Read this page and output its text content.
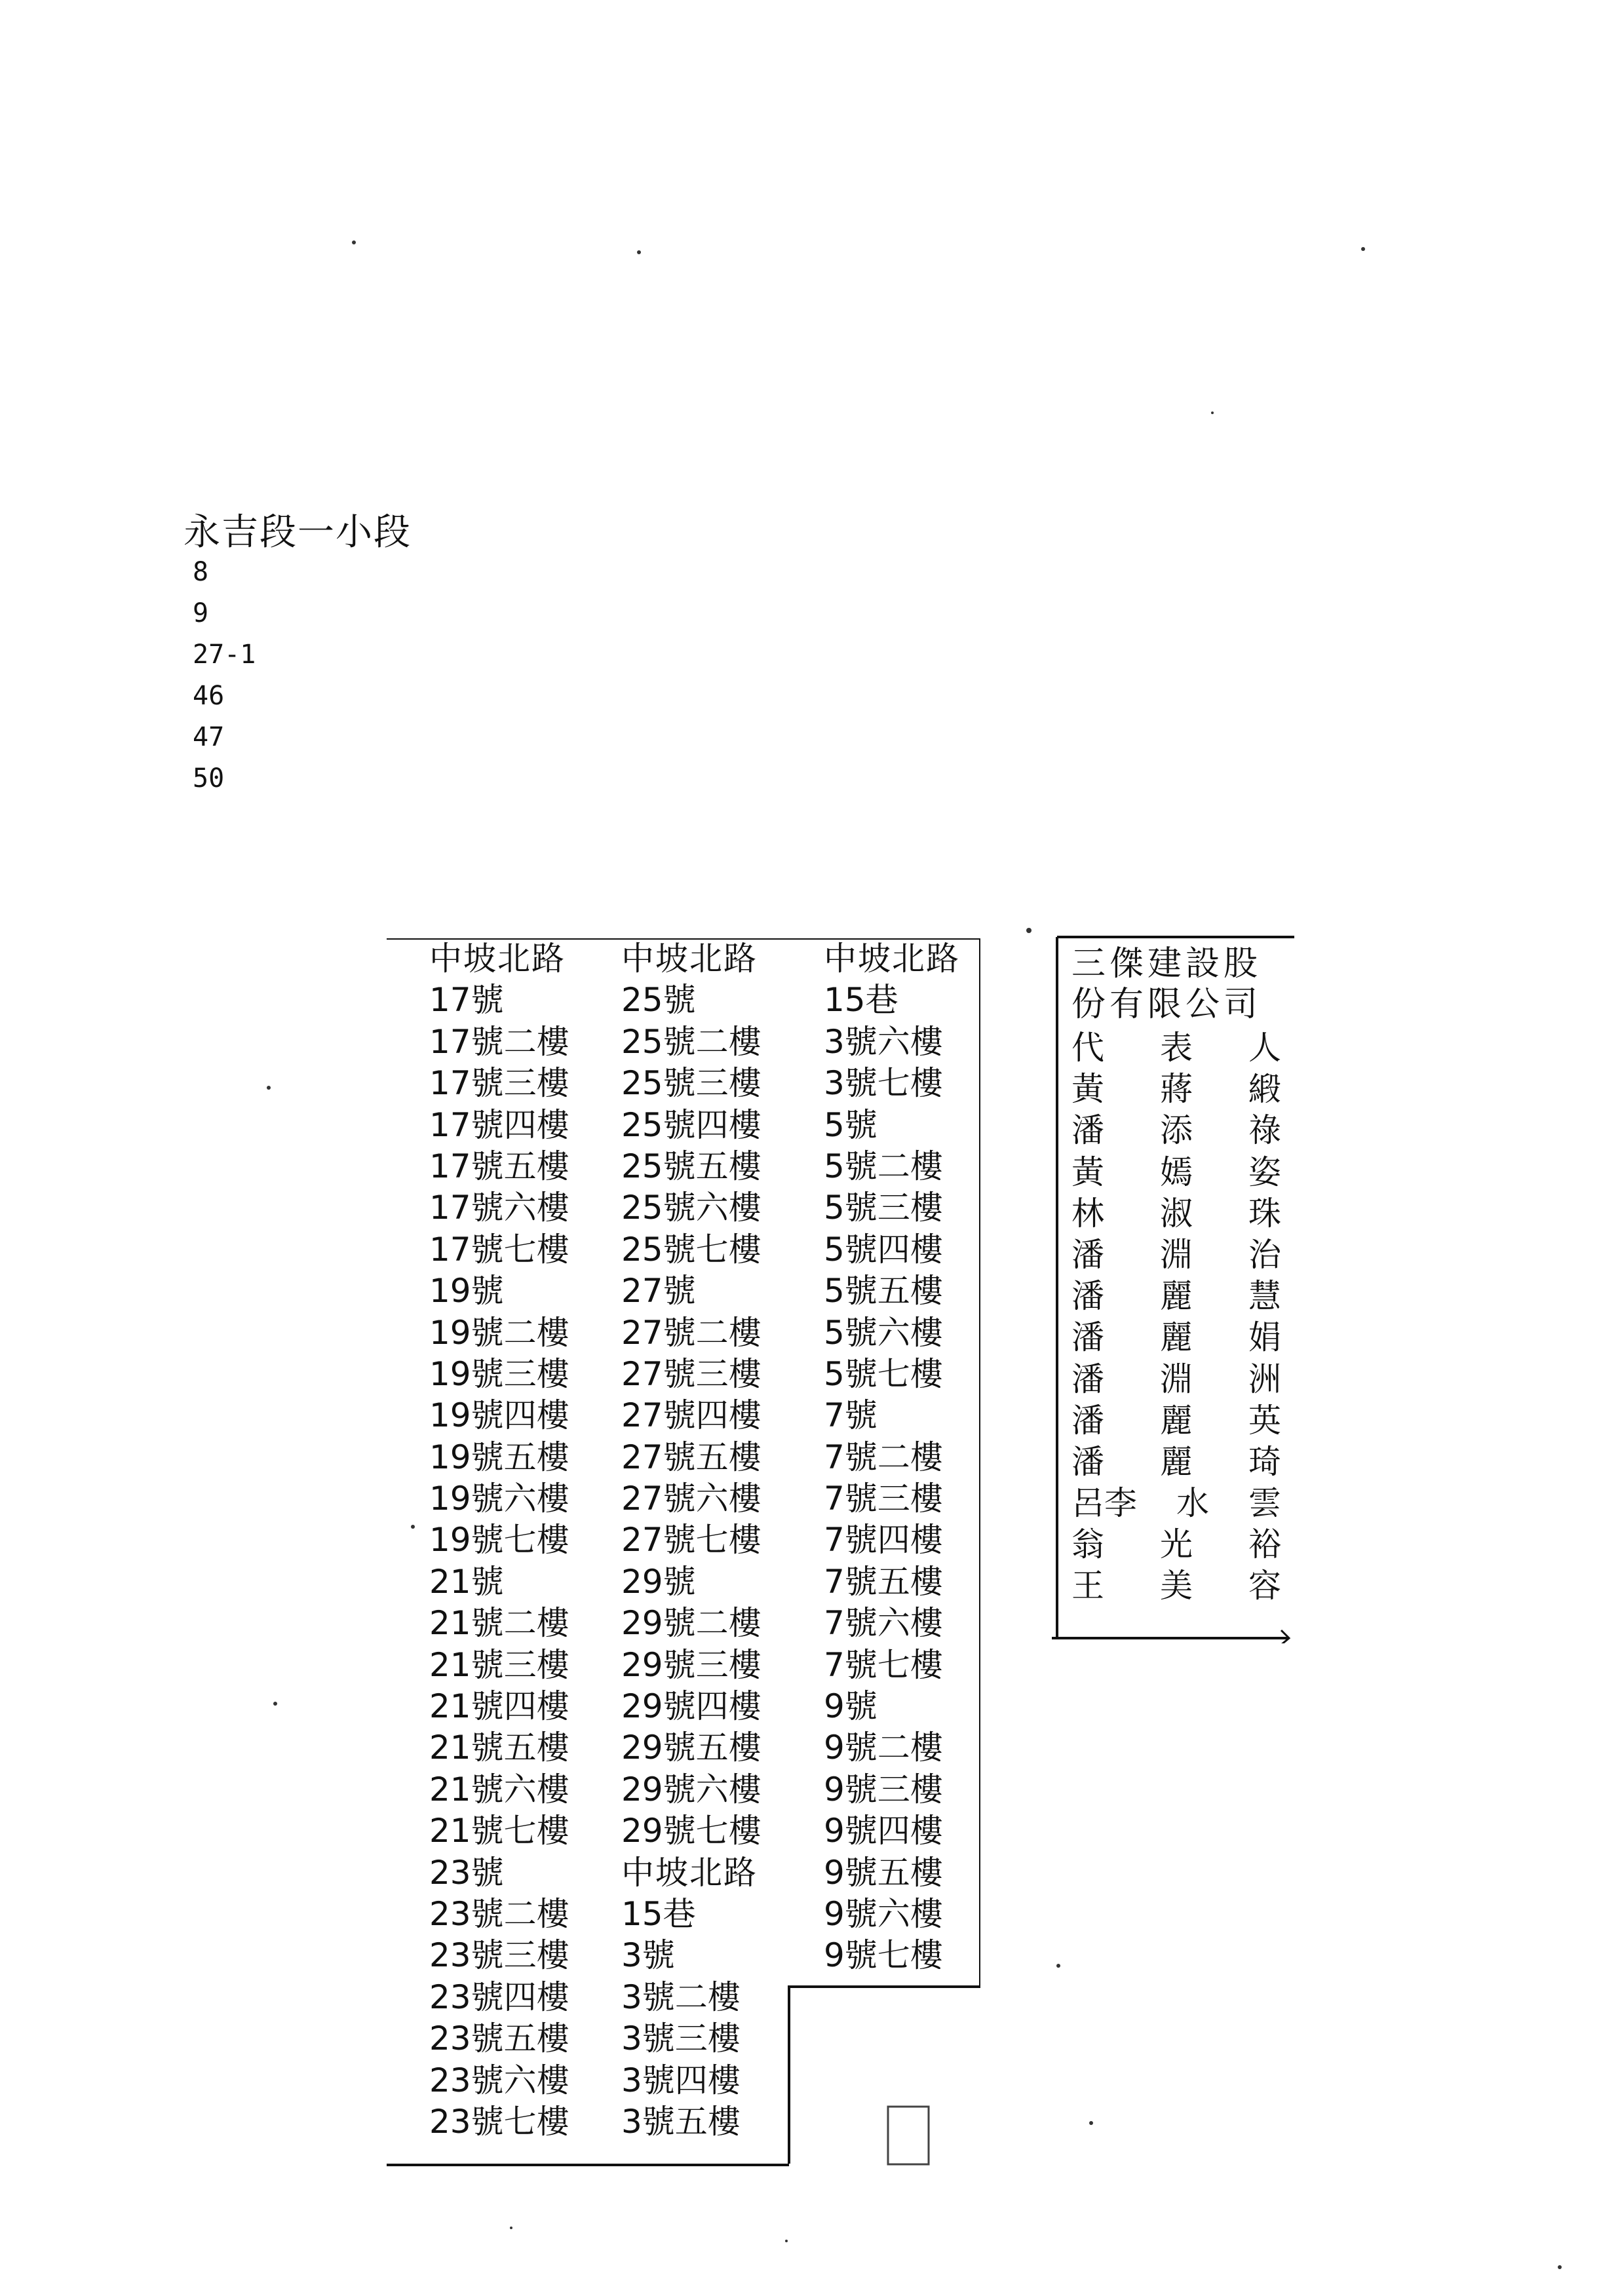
永吉段一小段
8
9
27-1
46
47
50
中坡北路
17號
17號二樓
17號三樓
17號四樓
17號五樓
17號六樓
17號七樓
19號
19號二樓
19號三樓
19號四樓
19號五樓
19號六樓
19號七樓
21號
21號二樓
21號三樓
21號四樓
21號五樓
21號六樓
21號七樓
23號
23號二樓
23號三樓
23號四樓
23號五樓
23號六樓
23號七樓
中坡北路
25號
25號二樓
25號三樓
25號四樓
25號五樓
25號六樓
25號七樓
27號
27號二樓
27號三樓
27號四樓
27號五樓
27號六樓
27號七樓
29號
29號二樓
29號三樓
29號四樓
29號五樓
29號六樓
29號七樓
中坡北路
15巷
3號
3號二樓
3號三樓
3號四樓
3號五樓
中坡北路
15巷
3號六樓
3號七樓
5號
5號二樓
5號三樓
5號四樓
5號五樓
5號六樓
5號七樓
7號
7號二樓
7號三樓
7號四樓
7號五樓
7號六樓
7號七樓
9號
9號二樓
9號三樓
9號四樓
9號五樓
9號六樓
9號七樓

三傑建設股份有限公司

代 表 人
黃 蔣 緞
潘 添 祿
黃 嫣 姿
林 淑 珠
潘 淵 治
潘 麗 慧
潘 麗 娟
潘 淵 洲
潘 麗 英
潘 麗 琦
呂李 水 雲
翁 光 裕
王 美 容
